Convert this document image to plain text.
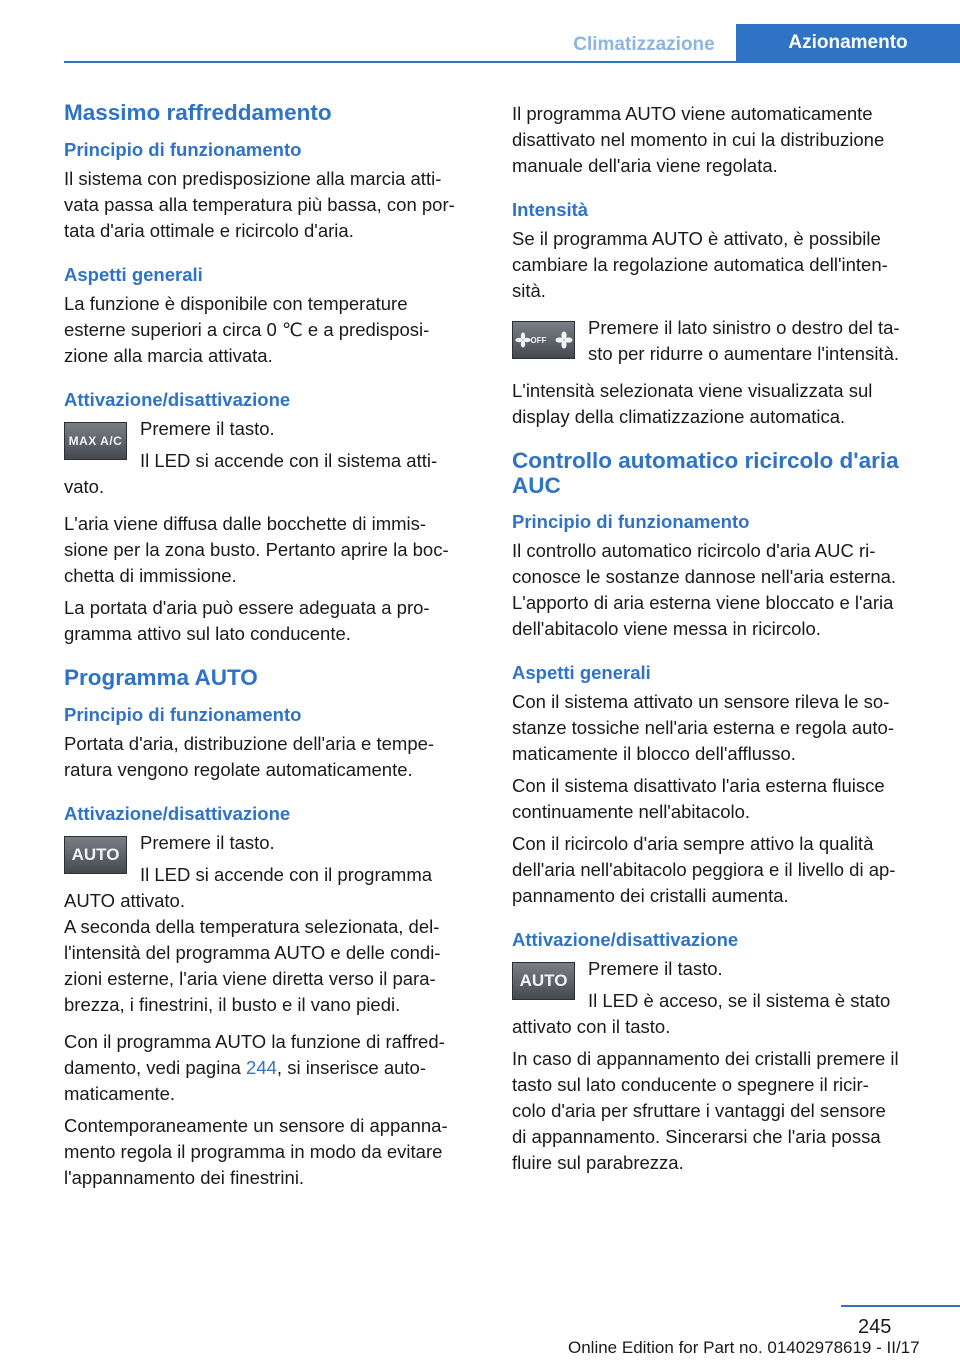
Climatizzazione	Azionamento
Massimo raffreddamento
Principio di funzionamento

Il sistema con predisposizione alla marcia atti-
vata passa alla temperatura più bassa, con por-
tata d'aria ottimale e ricircolo d'aria.

Aspetti generali

La funzione è disponibile con temperature
esterne superiori a circa 0 ℃ e a predisposi-
zione alla marcia attivata.

Attivazione/disattivazione
MAX A/C

Premere il tasto.

Il LED si accende con il sistema atti-

vato.

L'aria viene diffusa dalle bocchette di immis-
sione per la zona busto. Pertanto aprire la boc-
chetta di immissione.

La portata d'aria può essere adeguata a pro-
gramma attivo sul lato conducente.

Programma AUTO
Principio di funzionamento

Portata d'aria, distribuzione dell'aria e tempe-
ratura vengono regolate automaticamente.

Attivazione/disattivazione
AUTO

Premere il tasto.

Il LED si accende con il programma

AUTO attivato.

A seconda della temperatura selezionata, del-
l'intensità del programma AUTO e delle condi-
zioni esterne, l'aria viene diretta verso il para-
brezza, i finestrini, il busto e il vano piedi.

Con il programma AUTO la funzione di raffred-
damento, vedi pagina 244, si inserisce auto-
maticamente.

Contemporaneamente un sensore di appanna-
mento regola il programma in modo da evitare
l'appannamento dei finestrini.

Il programma AUTO viene automaticamente
disattivato nel momento in cui la distribuzione
manuale dell'aria viene regolata.

Intensità

Se il programma AUTO è attivato, è possibile
cambiare la regolazione automatica dell'inten-
sità.

OFF

Premere il lato sinistro o destro del ta-
sto per ridurre o aumentare l'intensità.

L'intensità selezionata viene visualizzata sul
display della climatizzazione automatica.

Controllo automatico ricircolo d'aria
AUC
Principio di funzionamento

Il controllo automatico ricircolo d'aria AUC ri-
conosce le sostanze dannose nell'aria esterna.
L'apporto di aria esterna viene bloccato e l'aria
dell'abitacolo viene messa in ricircolo.

Aspetti generali

Con il sistema attivato un sensore rileva le so-
stanze tossiche nell'aria esterna e regola auto-
maticamente il blocco dell'afflusso.

Con il sistema disattivato l'aria esterna fluisce
continuamente nell'abitacolo.

Con il ricircolo d'aria sempre attivo la qualità
dell'aria nell'abitacolo peggiora e il livello di ap-
pannamento dei cristalli aumenta.

Attivazione/disattivazione
AUTO

Premere il tasto.

Il LED è acceso, se il sistema è stato

attivato con il tasto.

In caso di appannamento dei cristalli premere il
tasto sul lato conducente o spegnere il ricir-
colo d'aria per sfruttare i vantaggi del sensore
di appannamento. Sincerarsi che l'aria possa
fluire sul parabrezza.

245
Online Edition for Part no. 01402978619 - II/17
